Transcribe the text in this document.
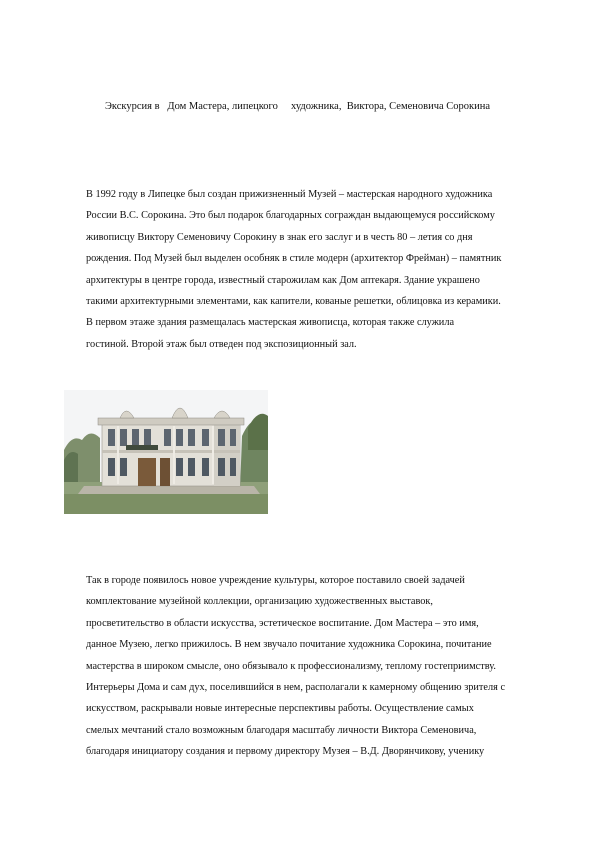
Экскурсия в   Дом Мастера, липецкого     художника,  Виктора, Семеновича Сорокина
В 1992 году в Липецке был создан прижизненный Музей – мастерская народного художника
России В.С. Сорокина. Это был подарок благодарных сограждан выдающемуся российскому
живописцу Виктору Семеновичу Сорокину в знак его заслуг и в честь 80 – летия со дня
рождения. Под Музей был выделен особняк в стиле модерн (архитектор Фрейман) – памятник
архитектуры в центре города, известный старожилам как Дом аптекаря. Здание украшено
такими архитектурными элементами, как капители, кованые решетки, облицовка из керамики.
В первом этаже здания размещалась мастерская живописца, которая также служила
гостиной. Второй этаж был отведен под экспозиционный зал.
Так в городе появилось новое учреждение культуры, которое поставило своей задачей
комплектование музейной коллекции, организацию художественных выставок,
просветительство в области искусства, эстетическое воспитание. Дом Мастера – это имя,
данное Музею, легко прижилось. В нем звучало почитание художника Сорокина, почитание
мастерства в широком смысле, оно обязывало к профессионализму, теплому гостеприимству.
Интерьеры Дома и сам дух, поселившийся в нем, располагали к камерному общению зрителя с
искусством, раскрывали новые интересные перспективы работы. Осуществление самых
смелых мечтаний стало возможным благодаря масштабу личности Виктора Семеновича,
благодаря инициатору создания и первому директору Музея – В.Д. Дворянчикову, ученику
